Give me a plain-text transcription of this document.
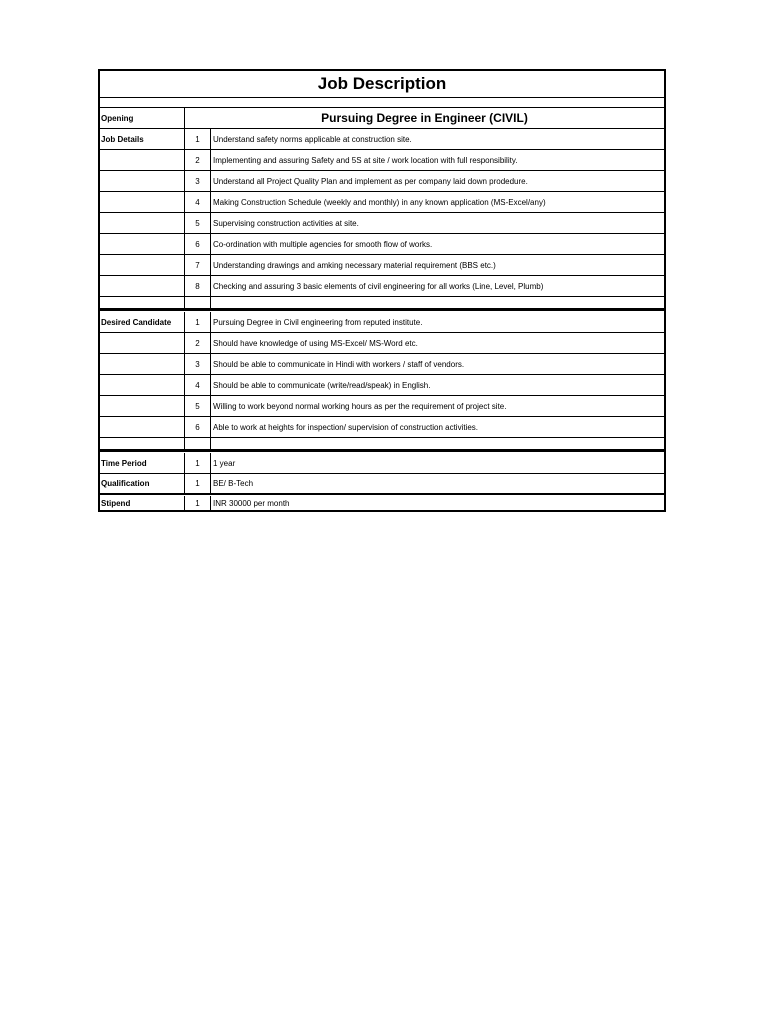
Job Description
Opening	Pursuing Degree in Engineer (CIVIL)
Job Details	1	Understand safety norms applicable at construction site.
2	Implementing and assuring Safety and 5S at site / work location with full responsibility.
3	Understand all Project Quality Plan and implement as per company laid down prodedure.
4	Making Construction Schedule (weekly and monthly) in any known application (MS-Excel/any)
5	Supervising construction activities at site.
6	Co-ordination with multiple agencies for smooth flow of works.
7	Understanding drawings and amking necessary material requirement (BBS etc.)
8	Checking and assuring 3 basic elements of civil engineering for all works (Line, Level, Plumb)
Desired Candidate	1	Pursuing Degree in Civil engineering from reputed institute.
2	Should have knowledge of using MS-Excel/ MS-Word etc.
3	Should be able to communicate in Hindi with workers / staff of vendors.
4	Should be able to communicate (write/read/speak) in English.
5	Willing to work beyond normal working hours as per the requirement of project site.
6	Able to work at heights for inspection/ supervision of construction activities.
Time Period	1	1 year
Qualification	1	BE/ B-Tech
Stipend	1	INR 30000 per month
